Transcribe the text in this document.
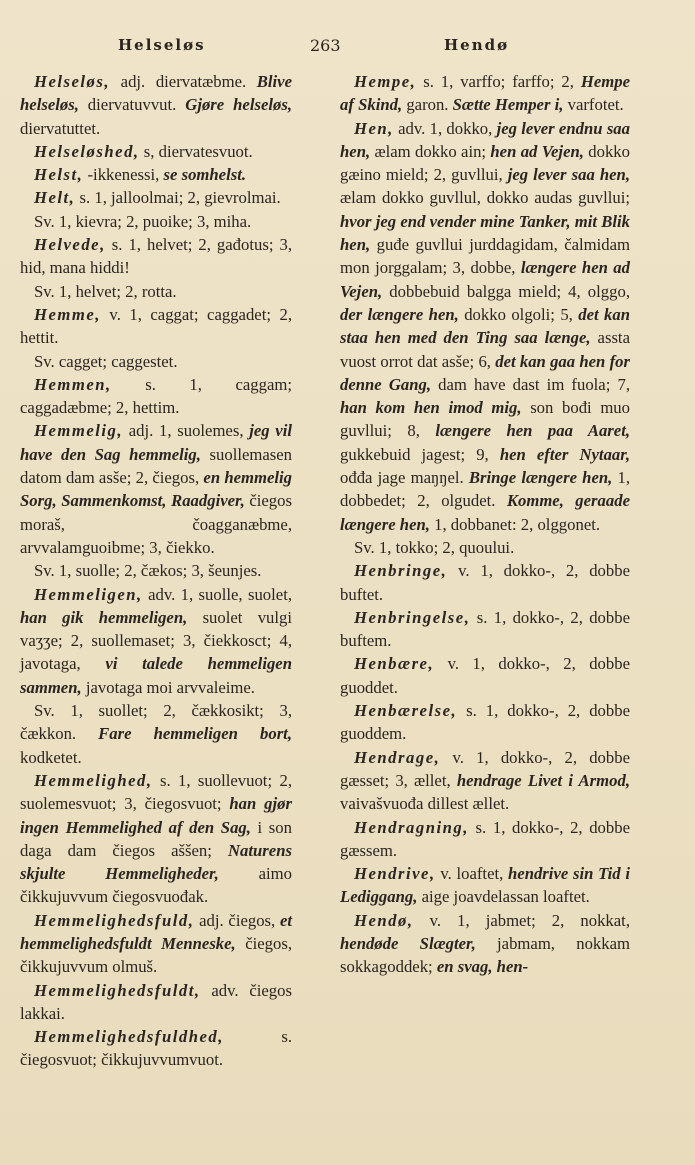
Helseløs	263	Hendø

Helseløs, adj. diervatæbme. Blive helseløs, diervatuvvut. Gjøre helseløs, diervatuttet.

Helseløshed, s, diervatesvuot.

Helst, -ikkenessi, se somhelst.

Helt, s. 1, jalloolmai; 2, gievrolmai.

Sv. 1, kievra; 2, puoike; 3, miha.

Helvede, s. 1, helvet; 2, gađotus; 3, hid, mana hiddi!

Sv. 1, helvet; 2, rotta.

Hemme, v. 1, caggat; caggadet; 2, hettit.

Sv. cagget; caggestet.

Hemmen, s. 1, caggam; caggadæbme; 2, hettim.

Hemmelig, adj. 1, suolemes, jeg vil have den Sag hemmelig, suollemasen datom dam asše; 2, čiegos, en hemmelig Sorg, Sammenkomst, Raadgiver, čiegos moraš, čoagganæbme, arvvalamguoibme; 3, čiekko.

Sv. 1, suolle; 2, čækos; 3, šeunjes.

Hemmeligen, adv. 1, suolle, suolet, han gik hemmeligen, suolet vulgi vaʒʒe; 2, suollemaset; 3, čiekkosct; 4, javotaga, vi talede hemmeligen sammen, javotaga moi arvvaleime.

Sv. 1, suollet; 2, čækkosikt; 3, čækkon. Fare hemmeligen bort, kodketet.

Hemmelighed, s. 1, suollevuot; 2, suolemesvuot; 3, čiegosvuot; han gjør ingen Hemmelighed af den Sag, i son daga dam čiegos aššen; Naturens skjulte Hemmeligheder, aimo čikkujuvvum čiegosvuođak.

Hemmelighedsfuld, adj. čiegos, et hemmelighedsfuldt Menneske, čiegos, čikkujuvvum olmuš.

Hemmelighedsfuldt, adv. čiegos lakkai.

Hemmelighedsfuldhed, s. čiegosvuot; čikkujuvvumvuot.

Hempe, s. 1, varffo; farffo; 2, Hempe af Skind, garon. Sætte Hemper i, varfotet.

Hen, adv. 1, dokko, jeg lever endnu saa hen, ælam dokko ain; hen ad Vejen, dokko gæino mield; 2, guvllui, jeg lever saa hen, ælam dokko guvllul, dokko audas guvllui; hvor jeg end vender mine Tanker, mit Blik hen, guđe guvllui jurddagidam, čalmidam mon jorggalam; 3, dobbe, længere hen ad Vejen, dobbebuid balgga mield; 4, olggo, der længere hen, dokko olgoli; 5, det kan staa hen med den Ting saa længe, assta vuost orrot dat asše; 6, det kan gaa hen for denne Gang, dam have dast im fuola; 7, han kom hen imod mig, son bođi muo guvllui; 8, længere hen paa Aaret, gukkebuid jagest; 9, hen efter Nytaar, ođđa jage maŋŋel. Bringe længere hen, 1, dobbedet; 2, olgudet. Komme, geraade længere hen, 1, dobbanet: 2, olggonet.

Sv. 1, tokko; 2, quoului.

Henbringe, v. 1, dokko-, 2, dobbe buftet.

Henbringelse, s. 1, dokko-, 2, dobbe buftem.

Henbære, v. 1, dokko-, 2, dobbe guoddet.

Henbærelse, s. 1, dokko-, 2, dobbe guoddem.

Hendrage, v. 1, dokko-, 2, dobbe gæsset; 3, ællet, hendrage Livet i Armod, vaivašvuođa dillest ællet.

Hendragning, s. 1, dokko-, 2, dobbe gæssem.

Hendrive, v. loaftet, hendrive sin Tid i Lediggang, aige joavdelassan loaftet.

Hendø, v. 1, jabmet; 2, nokkat, hendøde Slægter, jabmam, nokkam sokkagoddek; en svag, hen-
